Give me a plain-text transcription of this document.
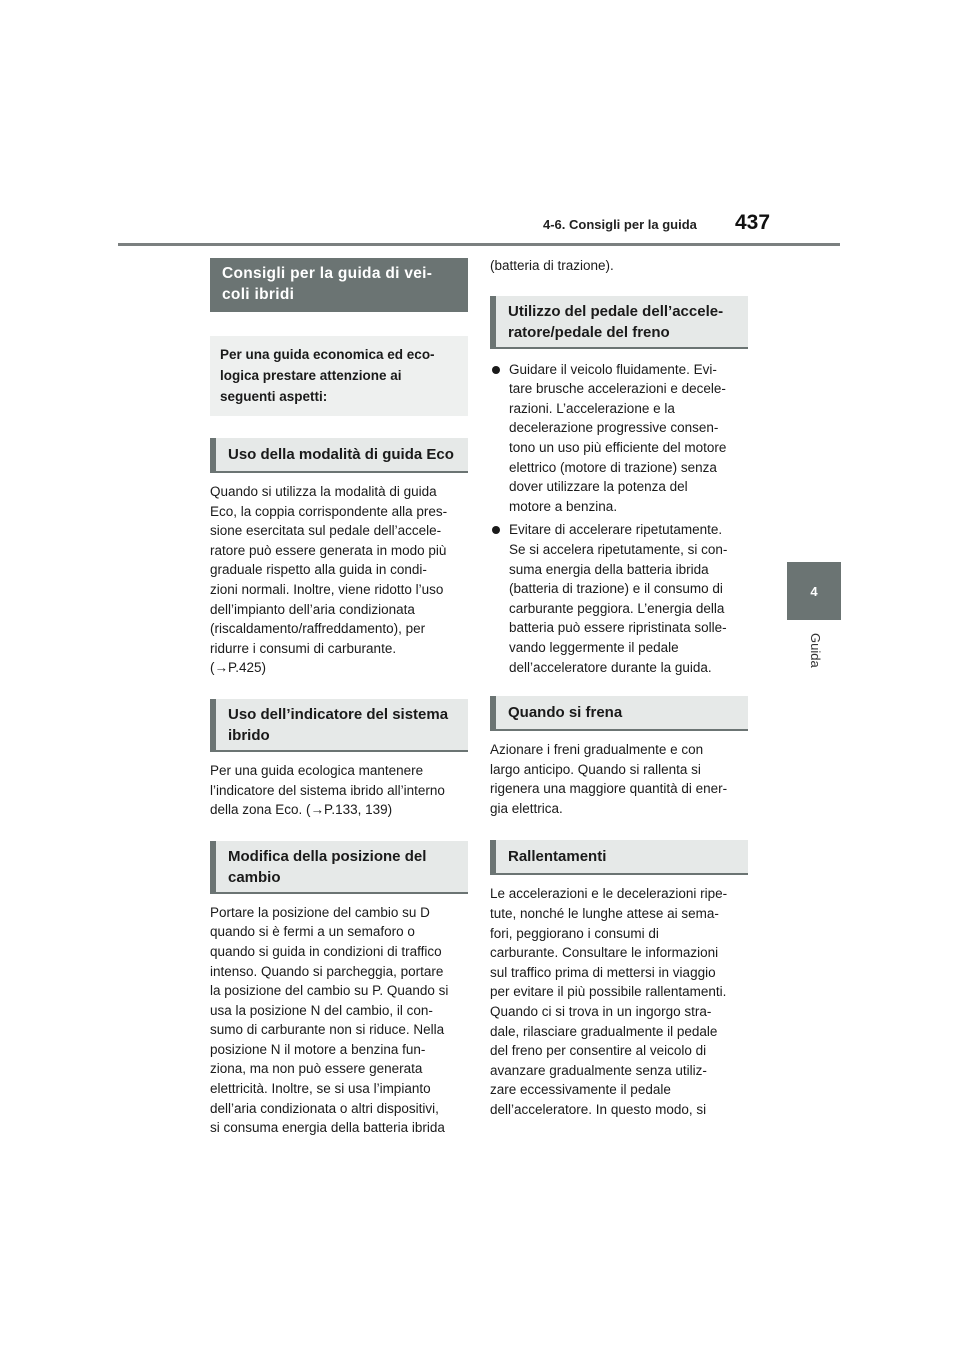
4-6. Consigli per la guida 437
4
Guida
Consigli per la guida di vei-
coli ibridi
Per una guida economica ed eco-
logica prestare attenzione ai
seguenti aspetti:
Uso della modalità di guida Eco

Quando si utilizza la modalità di guida
Eco, la coppia corrispondente alla pres-
sione esercitata sul pedale dell’accele-
ratore può essere generata in modo più
graduale rispetto alla guida in condi-
zioni normali. Inoltre, viene ridotto l’uso
dell’impianto dell’aria condizionata
(riscaldamento/raffreddamento), per
ridurre i consumi di carburante.
(→P.425)

Uso dell’indicatore del sistema
ibrido

Per una guida ecologica mantenere
l’indicatore del sistema ibrido all’interno
della zona Eco. (→P.133, 139)

Modifica della posizione del
cambio

Portare la posizione del cambio su D
quando si è fermi a un semaforo o
quando si guida in condizioni di traffico
intenso. Quando si parcheggia, portare
la posizione del cambio su P. Quando si
usa la posizione N del cambio, il con-
sumo di carburante non si riduce. Nella
posizione N il motore a benzina fun-
ziona, ma non può essere generata
elettricità. Inoltre, se si usa l’impianto
dell’aria condizionata o altri dispositivi,
si consuma energia della batteria ibrida

(batteria di trazione).

Utilizzo del pedale dell’accele-
ratore/pedale del freno
Guidare il veicolo fluidamente. Evi-
tare brusche accelerazioni e decele-
razioni. L’accelerazione e la
decelerazione progressive consen-
tono un uso più efficiente del motore
elettrico (motore di trazione) senza
dover utilizzare la potenza del
motore a benzina.
Evitare di accelerare ripetutamente.
Se si accelera ripetutamente, si con-
suma energia della batteria ibrida
(batteria di trazione) e il consumo di
carburante peggiora. L’energia della
batteria può essere ripristinata solle-
vando leggermente il pedale
dell’acceleratore durante la guida.
Quando si frena

Azionare i freni gradualmente e con
largo anticipo. Quando si rallenta si
rigenera una maggiore quantità di ener-
gia elettrica.

Rallentamenti

Le accelerazioni e le decelerazioni ripe-
tute, nonché le lunghe attese ai sema-
fori, peggiorano i consumi di
carburante. Consultare le informazioni
sul traffico prima di mettersi in viaggio
per evitare il più possibile rallentamenti.
Quando ci si trova in un ingorgo stra-
dale, rilasciare gradualmente il pedale
del freno per consentire al veicolo di
avanzare gradualmente senza utiliz-
zare eccessivamente il pedale
dell’acceleratore. In questo modo, si
